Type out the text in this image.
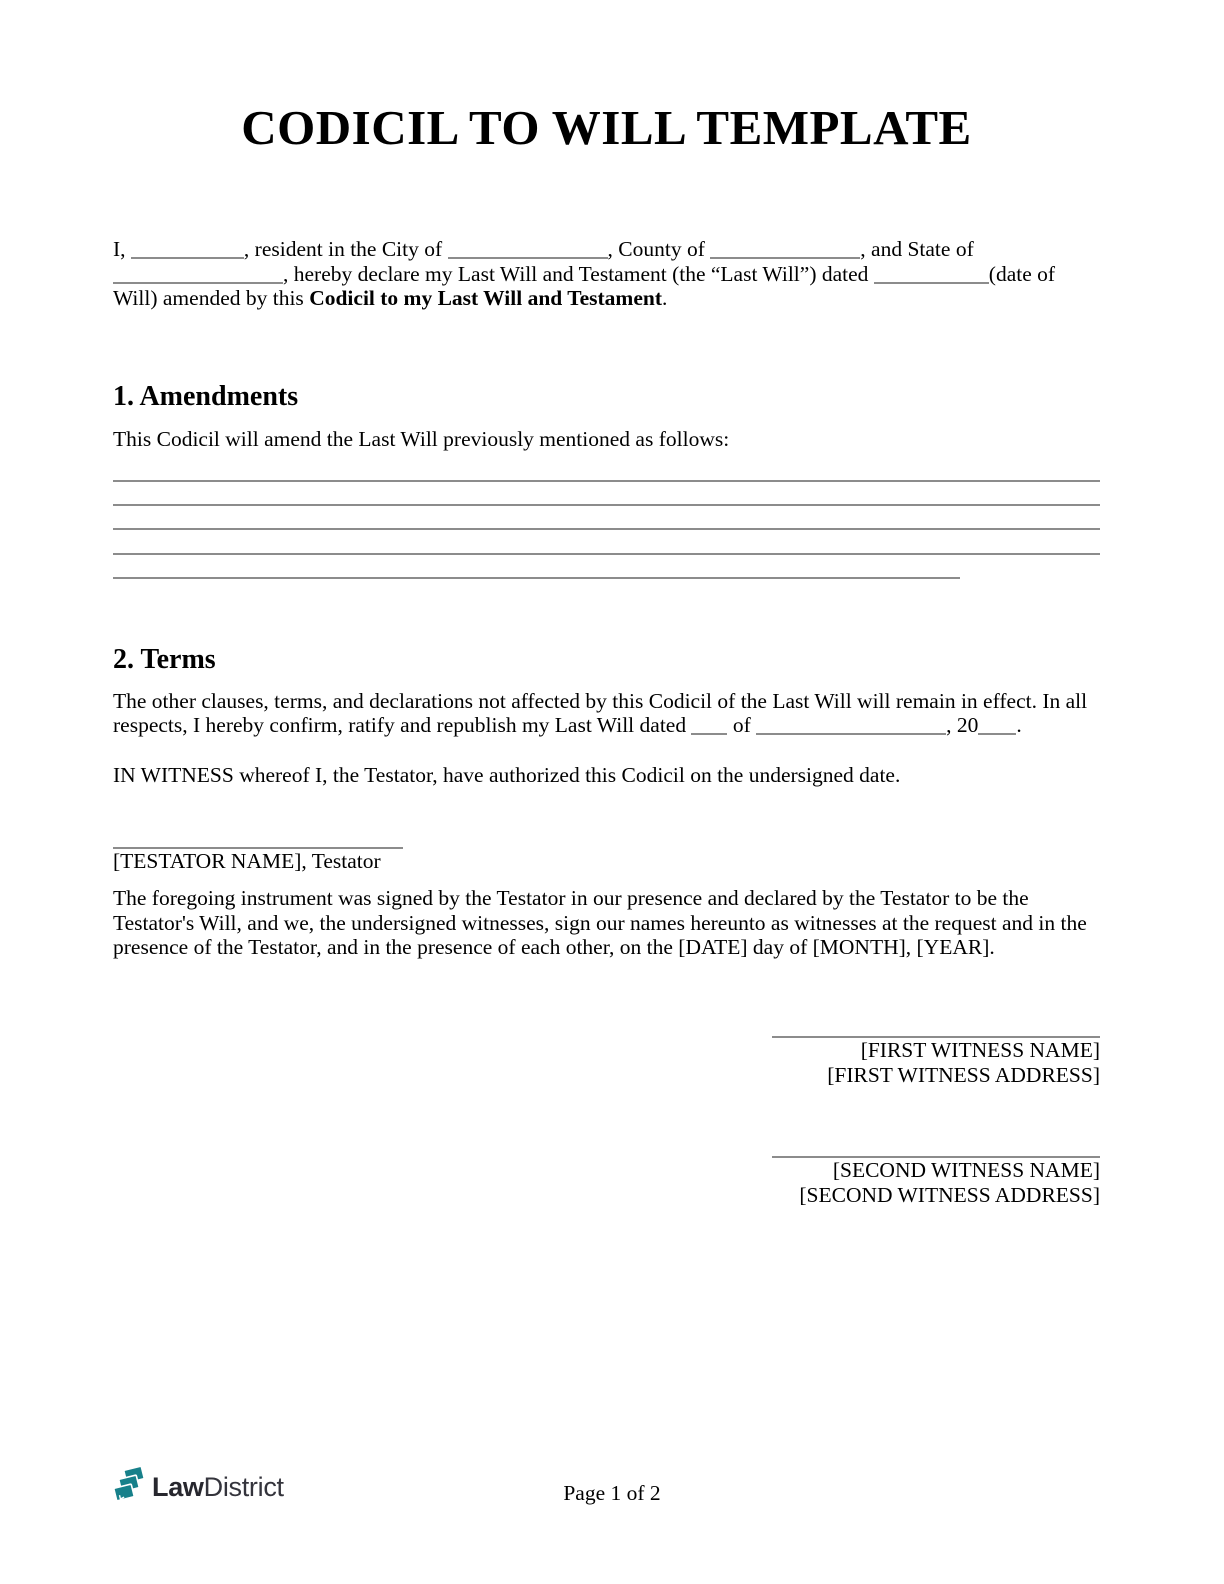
CODICIL TO WILL TEMPLATE

I,	, resident in the City of	, County of	, and State of , hereby declare my Last Will and Testament (the “Last Will”) dated	(date of Will) amended by this Codicil to my Last Will and Testament.

1. Amendments

This Codicil will amend the Last Will previously mentioned as follows:

2. Terms

The other clauses, terms, and declarations not affected by this Codicil of the Last Will will remain in effect. In all respects, I hereby confirm, ratify and republish my Last Will dated  of	, 20 .

IN WITNESS whereof I, the Testator, have authorized this Codicil on the undersigned date.

[TESTATOR NAME], Testator

The foregoing instrument was signed by the Testator in our presence and declared by the Testator to be the Testator's Will, and we, the undersigned witnesses, sign our names hereunto as witnesses at the request and in the presence of the Testator, and in the presence of each other, on the [DATE] day of [MONTH], [YEAR].

[FIRST WITNESS NAME]
[FIRST WITNESS ADDRESS]
[SECOND WITNESS NAME]
[SECOND WITNESS ADDRESS]
LawDistrict	Page 1 of 2
